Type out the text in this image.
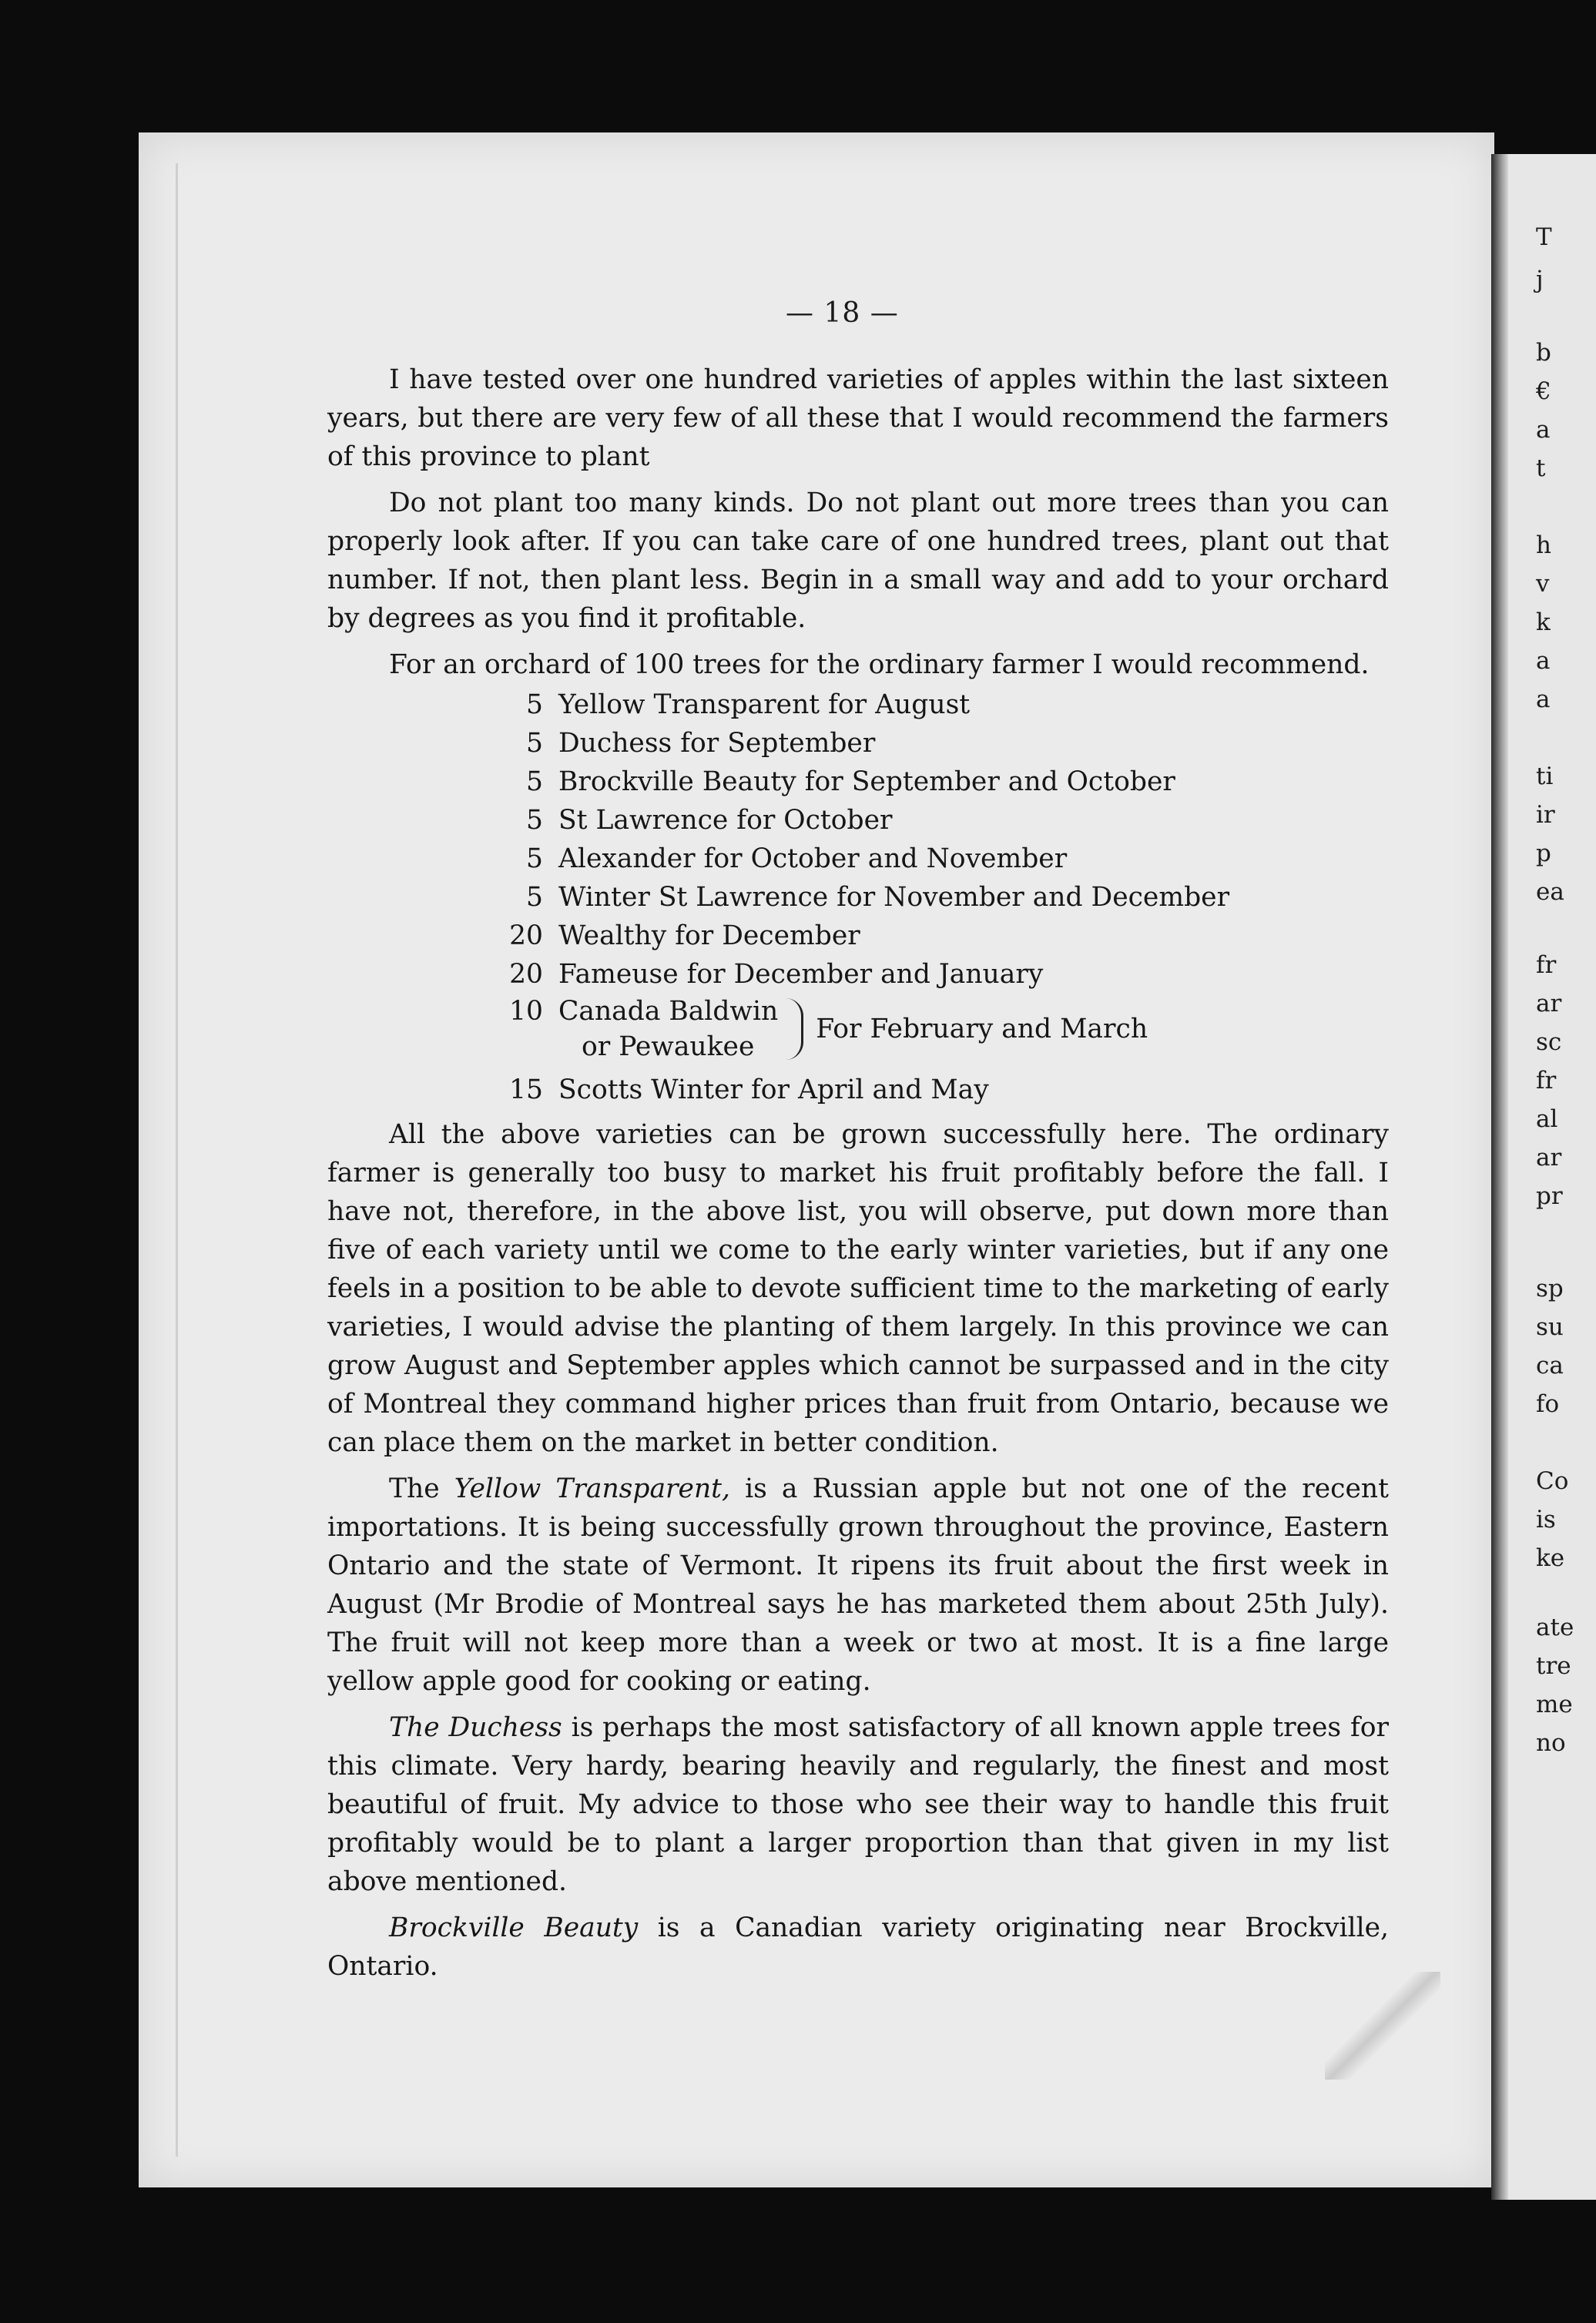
T
j
b
€
a
t
h
v
k
a
a
ti
ir
p
ea
fr
ar
sc
fr
al
ar
pr
sp
su
ca
fo
Co
is
ke
ate
tre
me
no
— 18 —

I have tested over one hundred varieties of apples within the last sixteen years, but there are very few of all these that I would recommend the farmers of this province to plant

Do not plant too many kinds. Do not plant out more trees than you can properly look after. If you can take care of one hundred trees, plant out that number. If not, then plant less. Begin in a small way and add to your orchard by degrees as you find it profitable.

For an orchard of 100 trees for the ordinary farmer I would recommend.

5 Yellow Transparent for August
5 Duchess for September
5 Brockville Beauty for September and October
5 St Lawrence for October
5 Alexander for October and November
5 Winter St Lawrence for November and December
20 Wealthy for December
20 Fameuse for December and January
10 Canada Baldwin
or Pewaukee
For February and March
15 Scotts Winter for April and May

All the above varieties can be grown successfully here. The ordinary farmer is generally too busy to market his fruit profitably before the fall. I have not, therefore, in the above list, you will observe, put down more than five of each variety until we come to the early winter varieties, but if any one feels in a position to be able to devote sufficient time to the marketing of early varieties, I would advise the planting of them largely. In this province we can grow August and September apples which cannot be surpassed and in the city of Montreal they command higher prices than fruit from Ontario, because we can place them on the market in better condition.

The Yellow Transparent, is a Russian apple but not one of the recent importations. It is being successfully grown throughout the province, Eastern Ontario and the state of Vermont. It ripens its fruit about the first week in August (Mr Brodie of Montreal says he has marketed them about 25th July). The fruit will not keep more than a week or two at most. It is a fine large yellow apple good for cooking or eating.

The Duchess is perhaps the most satisfactory of all known apple trees for this climate. Very hardy, bearing heavily and regularly, the finest and most beautiful of fruit. My advice to those who see their way to handle this fruit profitably would be to plant a larger proportion than that given in my list above mentioned.

Brockville Beauty is a Canadian variety originating near Brockville, Ontario.
